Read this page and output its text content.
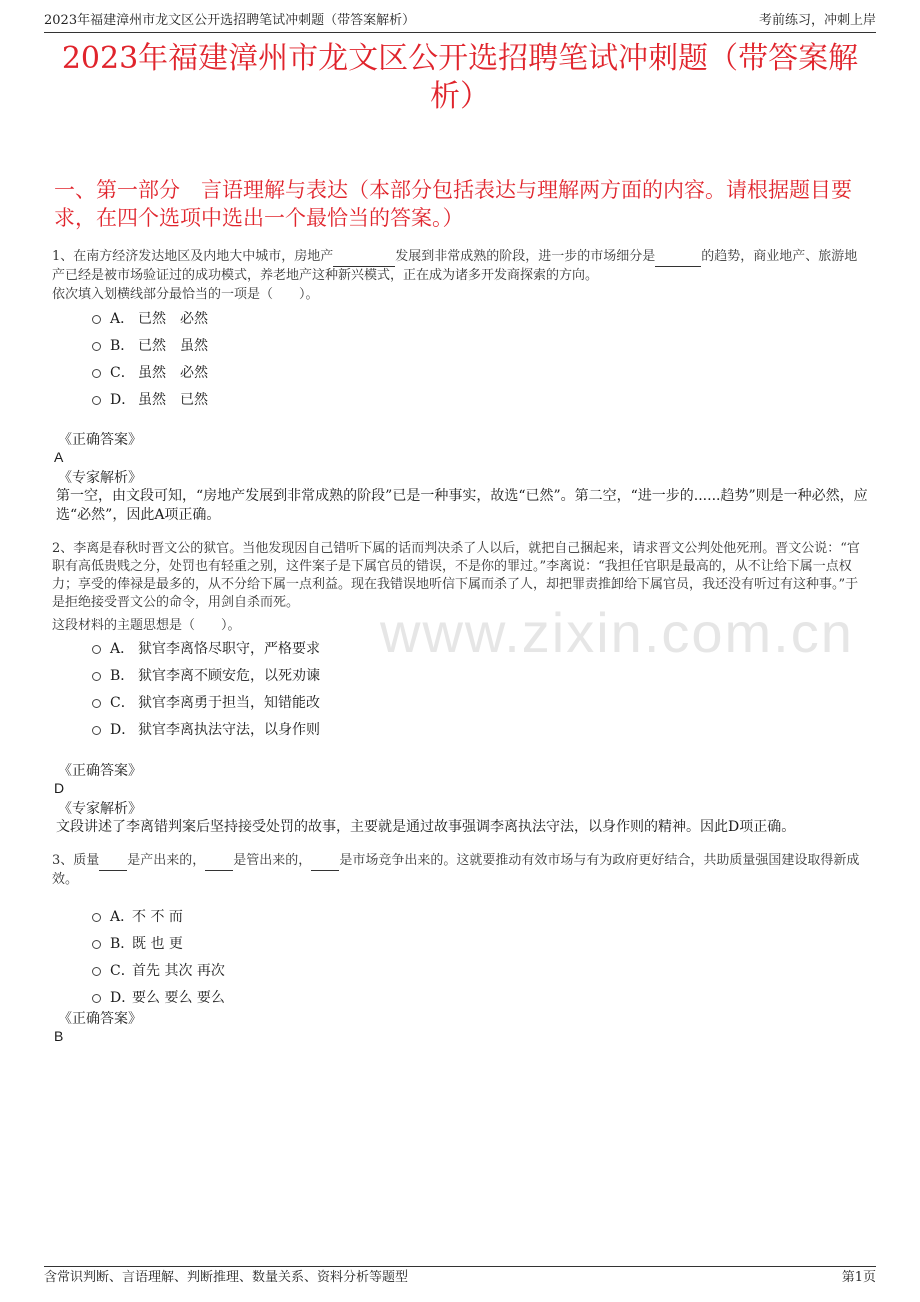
2023年福建漳州市龙文区公开选招聘笔试冲刺题（带答案解析）	考前练习，冲刺上岸
www.zixin.com.cn
2023年福建漳州市龙文区公开选招聘笔试冲刺题（带答案解析）
一、第一部分　言语理解与表达（本部分包括表达与理解两方面的内容。请根据题目要求，在四个选项中选出一个最恰当的答案。）
1、在南方经济发达地区及内地大中城市，房地产	发展到非常成熟的阶段，进一步的市场细分是	的趋势，商业地产、旅游地产已经是被市场验证过的成功模式，养老地产这种新兴模式，正在成为诸多开发商探索的方向。
依次填入划横线部分最恰当的一项是（　　）。
A． 已然　必然
B． 已然　虽然
C． 虽然　必然
D． 虽然　已然
《正确答案》
A
《专家解析》
第一空，由文段可知，“房地产发展到非常成熟的阶段”已是一种事实，故选“已然”。第二空，“进一步的......趋势”则是一种必然，应选“必然”，因此A项正确。
2、李离是春秋时晋文公的狱官。当他发现因自己错听下属的话而判决杀了人以后，就把自己捆起来，请求晋文公判处他死刑。晋文公说：“官职有高低贵贱之分，处罚也有轻重之别，这件案子是下属官员的错误，不是你的罪过。”李离说：“我担任官职是最高的，从不让给下属一点权力；享受的俸禄是最多的，从不分给下属一点利益。现在我错误地听信下属而杀了人，却把罪责推卸给下属官员，我还没有听过有这种事。”于是拒绝接受晋文公的命令，用剑自杀而死。
这段材料的主题思想是（　　）。
A． 狱官李离恪尽职守，严格要求
B． 狱官李离不顾安危，以死劝谏
C． 狱官李离勇于担当，知错能改
D． 狱官李离执法守法，以身作则
《正确答案》
D
《专家解析》
文段讲述了李离错判案后坚持接受处罚的故事，主要就是通过故事强调李离执法守法，以身作则的精神。因此D项正确。
3、质量 是产出来的， 是管出来的， 是市场竞争出来的。这就要推动有效市场与有为政府更好结合，共助质量强国建设取得新成效。
A．
不 不 而
B．
既 也 更
C．
首先 其次 再次
D．
要么 要么 要么
《正确答案》
B
含常识判断、言语理解、判断推理、数量关系、资料分析等题型	第1页
